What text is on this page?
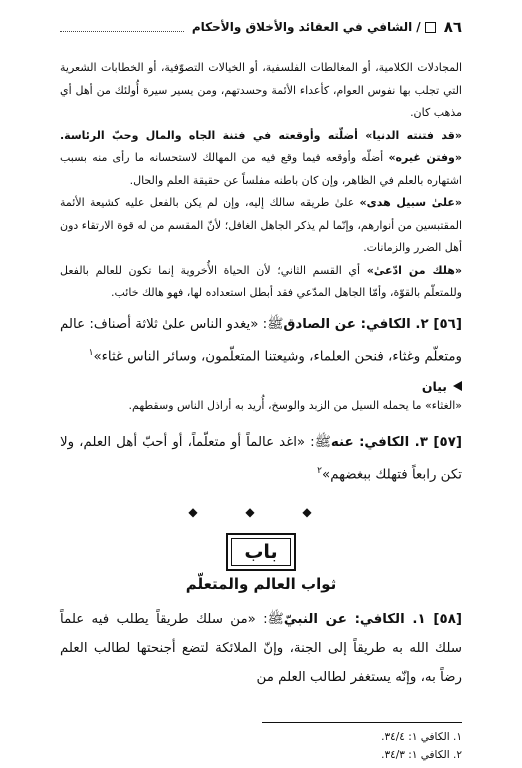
٨٦
/
الشافي في العقائد والأخلاق والأحكام

المجادلات الكلامية، أو المغالطات الفلسفية، أو الخيالات التصوّفية، أو الخطابات الشعرية التي تجلب بها نفوس العوام، كأعداء الأئمة وحسدتهم، ومن يسير سيرة أُولئك من أهل أي مذهب كان.

«قد فتنته الدنيا» أضلّته وأوقعته في فتنة الجاه والمال وحبّ الرئاسة. «وفتن غيره» أضلّه وأوقعه فيما وقع فيه من المهالك لاستحسانه ما رأى منه بسبب اشتهاره بالعلم في الظاهر، وإن كان باطنه مفلساً عن حقيقة العلم والحال.

«علىٰ سبيل هدى» علىٰ طريقه سالك إليه، وإن لم يكن بالفعل عليه كشيعة الأئمة المقتبسين من أنوارهم، وإنّما لم يذكر الجاهل الغافل؛ لأنّ المقسم من له قوة الارتقاء دون أهل الضرر والزمانات.

«هلك من ادّعىٰ» أي القسم الثاني؛ لأن الحياة الأُخروية إنما تكون للعالم بالفعل وللمتعلّم بالقوّة، وأمّا الجاهل المدّعي فقد أبطل استعداده لها، فهو هالك خائب.

[٥٦] ٢. الكافي: عن الصادقﷺ: «يغدو الناس علىٰ ثلاثة أصناف: عالم ومتعلّم وغثاء، فنحن العلماء، وشيعتنا المتعلّمون، وسائر الناس غثاء»$^١$

بيان

«الغثاء» ما يحمله السيل من الزبد والوسخ، أُريد به أراذل الناس وسقطهم.

[٥٧] ٣. الكافي: عنهﷺ: «اغد عالماً أو متعلّماً، أو أحبّ أهل العلم، ولا تكن رابعاً فتهلك ببغضهم»$^٢$

◆ ◆ ◆
باب
ثواب العالم والمتعلّم

[٥٨] ١. الكافي: عن النبيّﷺ: «من سلك طريقاً يطلب فيه علماً سلك الله به طريقاً إلى الجنة، وإنّ الملائكة لتضع أجنحتها لطالب العلم رضاً به، وإنّه يستغفر لطالب العلم من

١. الكافي ١: ٣٤/٤.

٢. الكافي ١: ٣٤/٣.
